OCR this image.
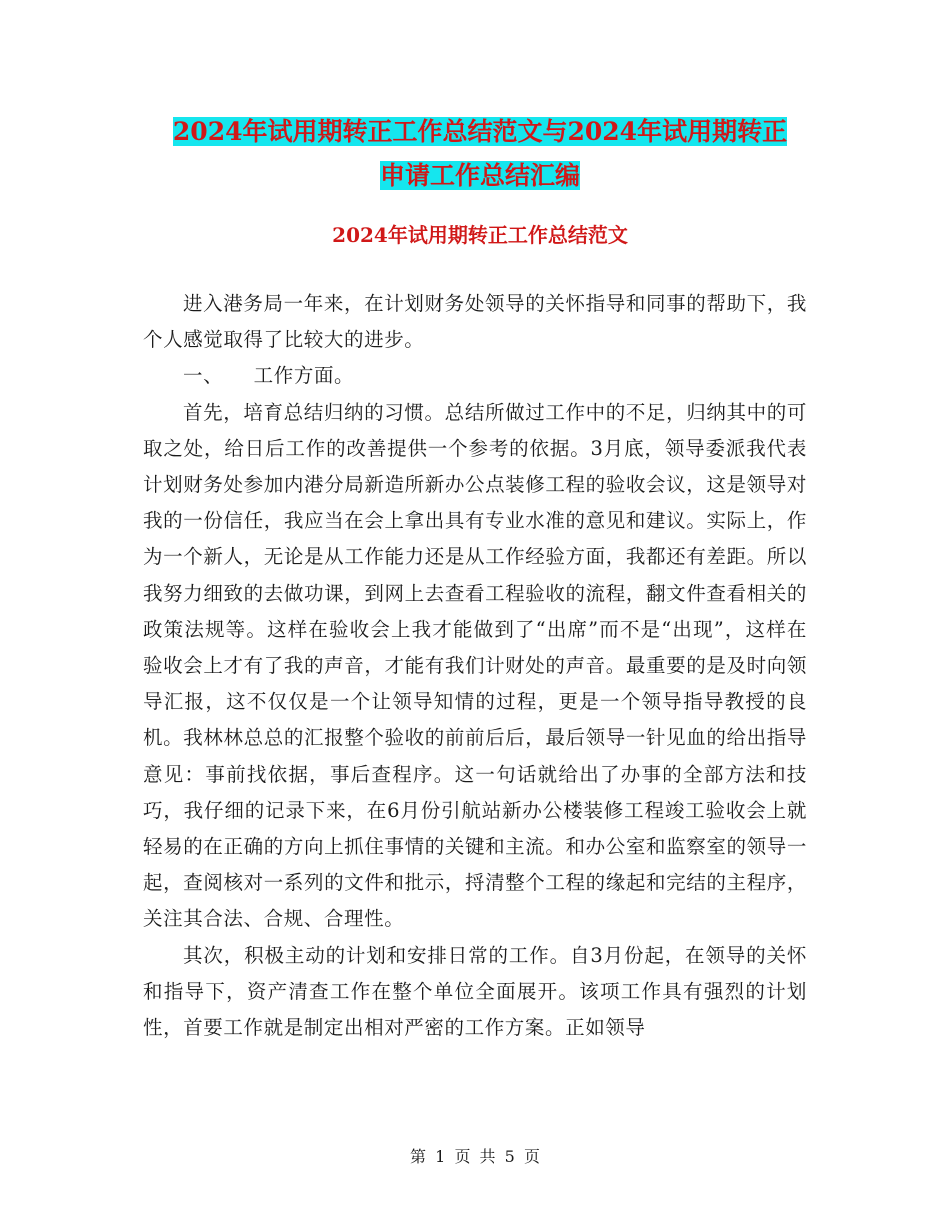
2024年试用期转正工作总结范文与2024年试用期转正
申请工作总结汇编
2024年试用期转正工作总结范文

进入港务局一年来，在计划财务处领导的关怀指导和同事的帮助下，我个人感觉取得了比较大的进步。

一、　　工作方面。

首先，培育总结归纳的习惯。总结所做过工作中的不足，归纳其中的可取之处，给日后工作的改善提供一个参考的依据。3月底，领导委派我代表计划财务处参加内港分局新造所新办公点装修工程的验收会议，这是领导对我的一份信任，我应当在会上拿出具有专业水准的意见和建议。实际上，作为一个新人，无论是从工作能力还是从工作经验方面，我都还有差距。所以我努力细致的去做功课，到网上去查看工程验收的流程，翻文件查看相关的政策法规等。这样在验收会上我才能做到了“出席”而不是“出现”，这样在验收会上才有了我的声音，才能有我们计财处的声音。最重要的是及时向领导汇报，这不仅仅是一个让领导知情的过程，更是一个领导指导教授的良机。我林林总总的汇报整个验收的前前后后，最后领导一针见血的给出指导意见：事前找依据，事后查程序。这一句话就给出了办事的全部方法和技巧，我仔细的记录下来，在6月份引航站新办公楼装修工程竣工验收会上就轻易的在正确的方向上抓住事情的关键和主流。和办公室和监察室的领导一起，查阅核对一系列的文件和批示，捋清整个工程的缘起和完结的主程序，关注其合法、合规、合理性。

其次，积极主动的计划和安排日常的工作。自3月份起，在领导的关怀和指导下，资产清查工作在整个单位全面展开。该项工作具有强烈的计划性，首要工作就是制定出相对严密的工作方案。正如领导

第 1 页 共 5 页
